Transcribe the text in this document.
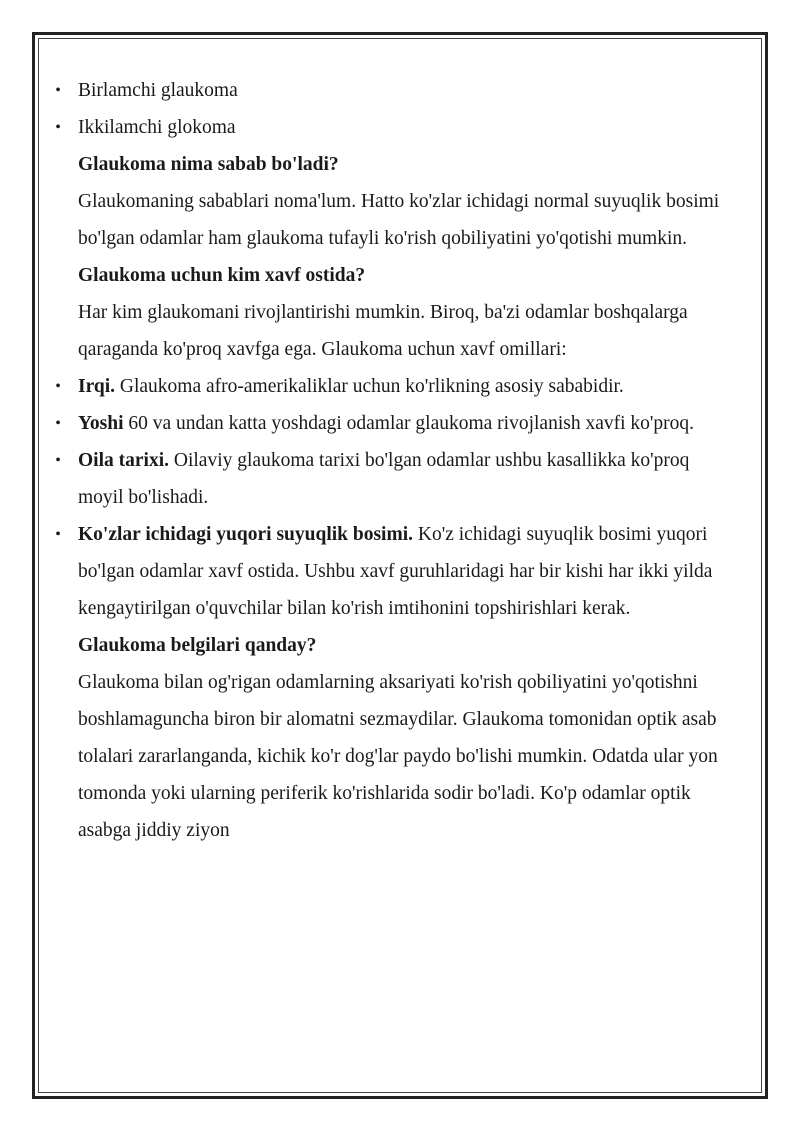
• Birlamchi glaukoma
• Ikkilamchi glokoma

Glaukoma nima sabab bo'ladi?

Glaukomaning sabablari noma'lum. Hatto ko'zlar ichidagi normal suyuqlik bosimi bo'lgan odamlar ham glaukoma tufayli ko'rish qobiliyatini yo'qotishi mumkin.

Glaukoma uchun kim xavf ostida?

Har kim glaukomani rivojlantirishi mumkin. Biroq, ba'zi odamlar boshqalarga qaraganda ko'proq xavfga ega. Glaukoma uchun xavf omillari:

• Irqi. Glaukoma afro-amerikaliklar uchun ko'rlikning asosiy sababidir.
• Yoshi 60 va undan katta yoshdagi odamlar glaukoma rivojlanish xavfi ko'proq.
• Oila tarixi. Oilaviy glaukoma tarixi bo'lgan odamlar ushbu kasallikka ko'proq moyil bo'lishadi.
• Ko'zlar ichidagi yuqori suyuqlik bosimi. Ko'z ichidagi suyuqlik bosimi yuqori bo'lgan odamlar xavf ostida. Ushbu xavf guruhlaridagi har bir kishi har ikki yilda kengaytirilgan o'quvchilar bilan ko'rish imtihonini topshirishlari kerak.

Glaukoma belgilari qanday?

Glaukoma bilan og'rigan odamlarning aksariyati ko'rish qobiliyatini yo'qotishni boshlamaguncha biron bir alomatni sezmaydilar. Glaukoma tomonidan optik asab tolalari zararlanganda, kichik ko'r dog'lar paydo bo'lishi mumkin. Odatda ular yon tomonda yoki ularning periferik ko'rishlarida sodir bo'ladi. Ko'p odamlar optik asabga jiddiy ziyon
